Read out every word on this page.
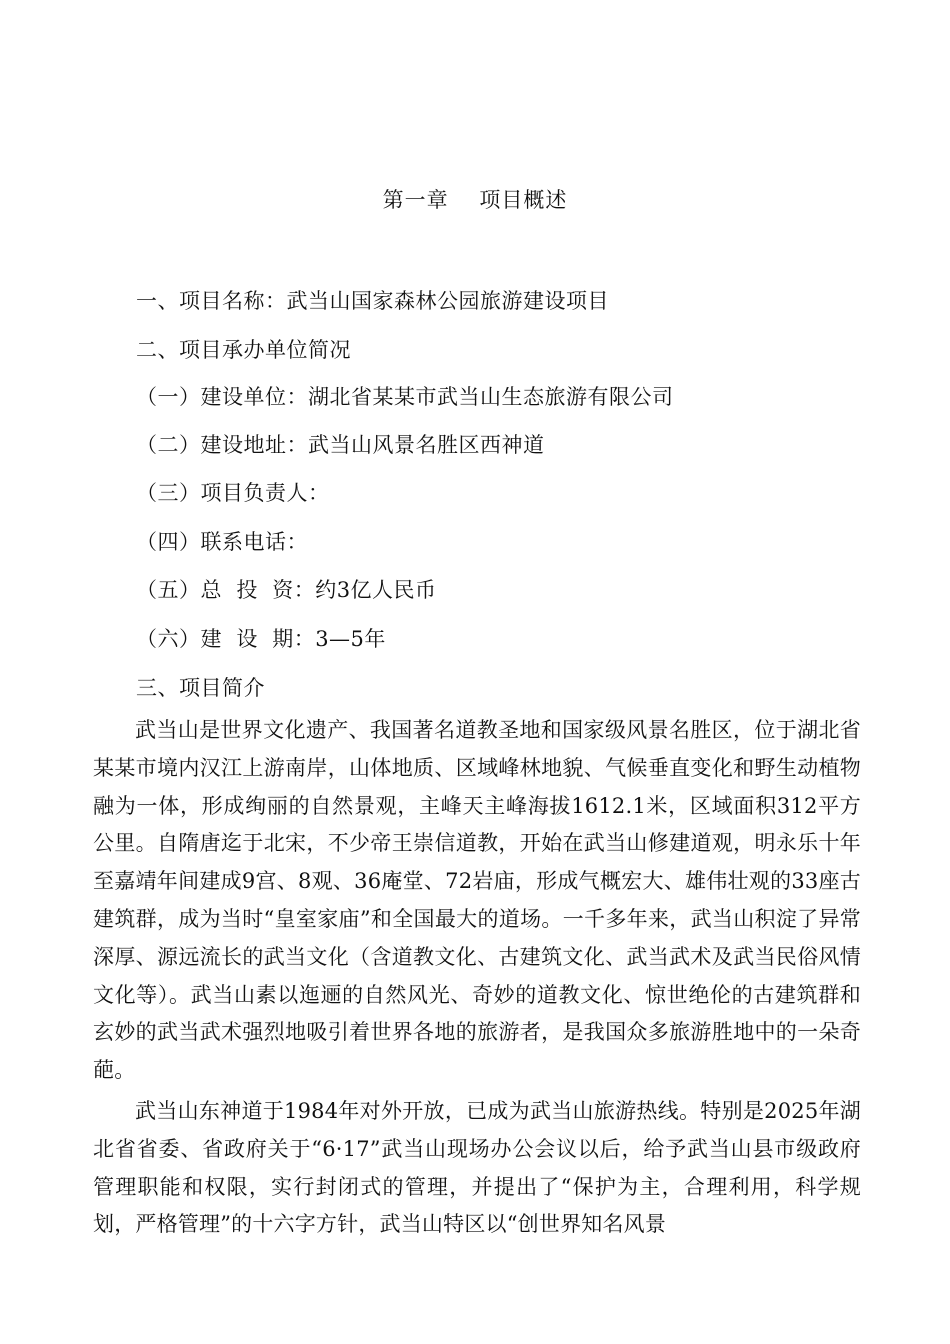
第一章    项目概述
一、项目名称：武当山国家森林公园旅游建设项目
二、项目承办单位简况
（一）建设单位：湖北省某某市武当山生态旅游有限公司
（二）建设地址：武当山风景名胜区西神道
（三）项目负责人：
（四）联系电话：
（五）总  投  资：约3亿人民币
（六）建  设  期：3—5年
三、项目简介
武当山是世界文化遗产、我国著名道教圣地和国家级风景名胜区，位于湖北省某某市境内汉江上游南岸，山体地质、区域峰林地貌、气候垂直变化和野生动植物融为一体，形成绚丽的自然景观，主峰天主峰海拔1612.1米，区域面积312平方公里。自隋唐迄于北宋，不少帝王崇信道教，开始在武当山修建道观，明永乐十年至嘉靖年间建成9宫、8观、36庵堂、72岩庙，形成气概宏大、雄伟壮观的33座古建筑群，成为当时“皇室家庙”和全国最大的道场。一千多年来，武当山积淀了异常深厚、源远流长的武当文化（含道教文化、古建筑文化、武当武术及武当民俗风情文化等）。武当山素以迤逦的自然风光、奇妙的道教文化、惊世绝伦的古建筑群和玄妙的武当武术强烈地吸引着世界各地的旅游者，是我国众多旅游胜地中的一朵奇葩。
武当山东神道于1984年对外开放，已成为武当山旅游热线。特别是2025年湖北省省委、省政府关于“6·17”武当山现场办公会议以后，给予武当山县市级政府管理职能和权限，实行封闭式的管理，并提出了“保护为主，合理利用，科学规划，严格管理”的十六字方针，武当山特区以“创世界知名风景
